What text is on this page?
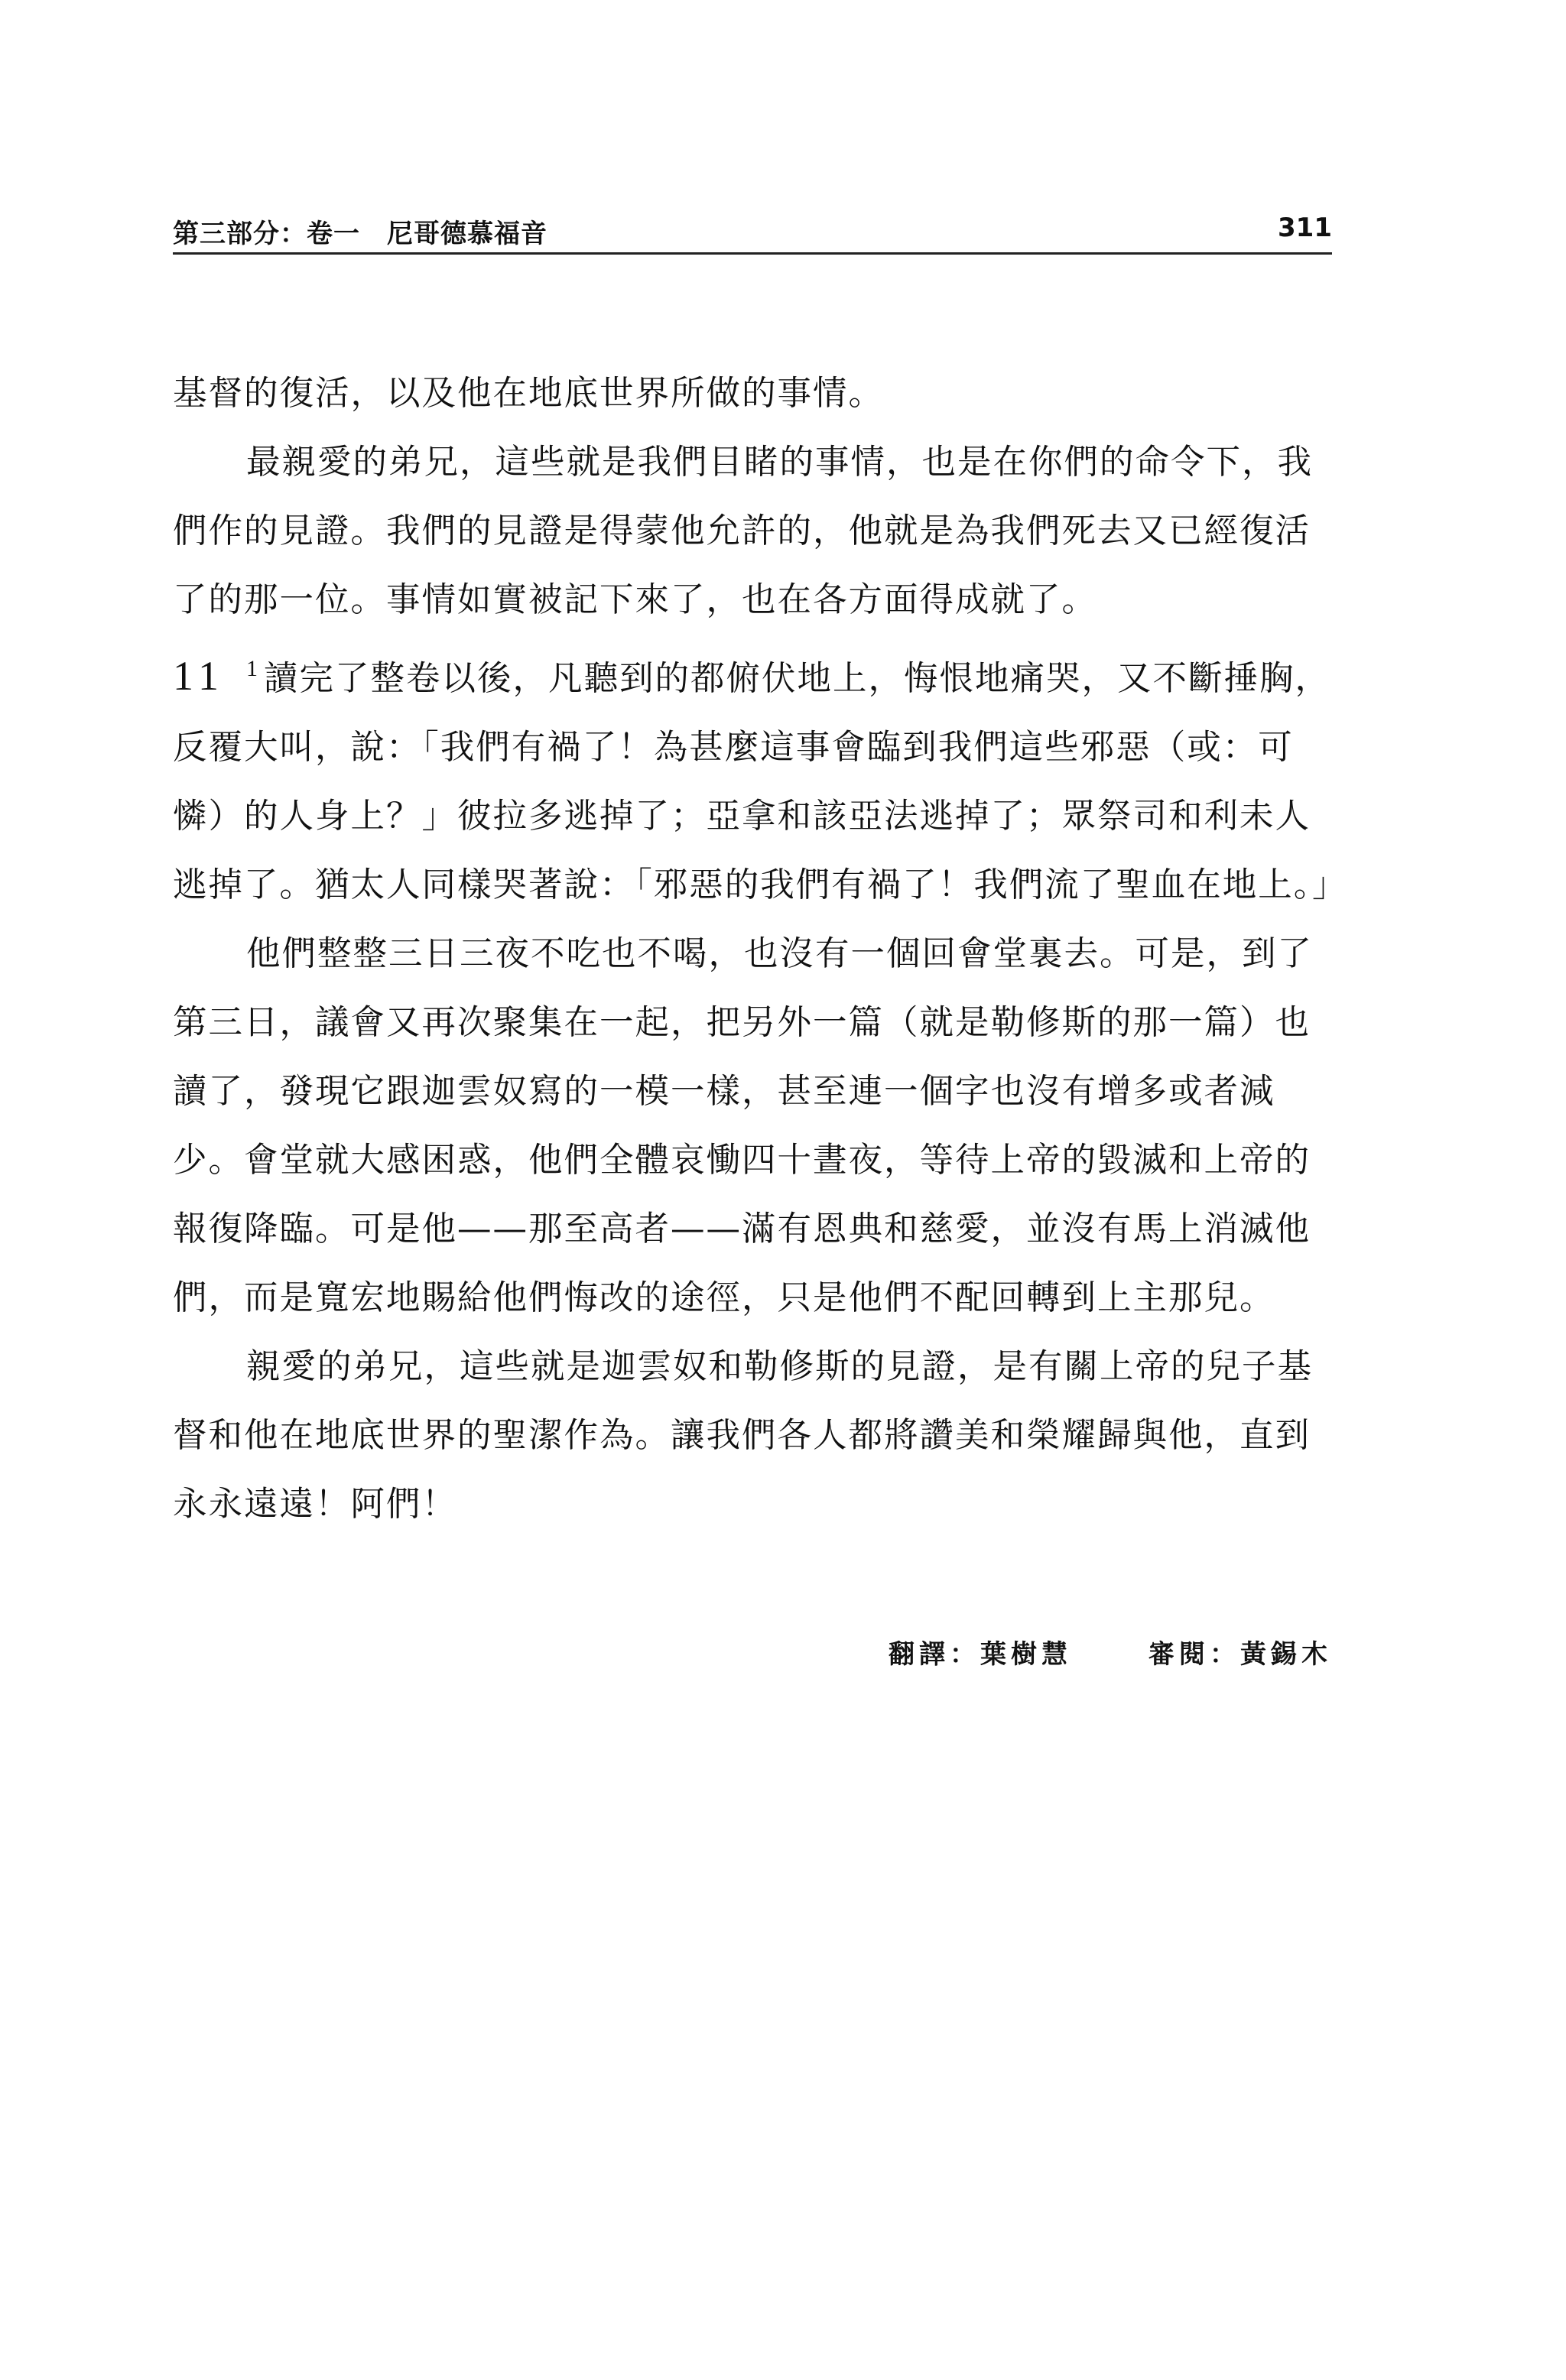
第三部分：卷一　尼哥德慕福音	311

基督的復活，以及他在地底世界所做的事情。

最親愛的弟兄，這些就是我們目睹的事情，也是在你們的命令下，我們作的見證。我們的見證是得蒙他允許的，他就是為我們死去又已經復活了的那一位。事情如實被記下來了，也在各方面得成就了。

11 $^1$ 讀完了整卷以後，凡聽到的都俯伏地上，悔恨地痛哭，又不斷捶胸，反覆大叫，說：「我們有禍了！為甚麼這事會臨到我們這些邪惡（或：可憐）的人身上？」彼拉多逃掉了；亞拿和該亞法逃掉了；眾祭司和利未人逃掉了。猶太人同樣哭著說：「邪惡的我們有禍了！我們流了聖血在地上。」

他們整整三日三夜不吃也不喝，也沒有一個回會堂裏去。可是，到了第三日，議會又再次聚集在一起，把另外一篇（就是勒修斯的那一篇）也讀了，發現它跟迦雲奴寫的一模一樣，甚至連一個字也沒有增多或者減少。會堂就大感困惑，他們全體哀慟四十晝夜，等待上帝的毀滅和上帝的報復降臨。可是他——那至高者——滿有恩典和慈愛，並沒有馬上消滅他們，而是寬宏地賜給他們悔改的途徑，只是他們不配回轉到上主那兒。

親愛的弟兄，這些就是迦雲奴和勒修斯的見證，是有關上帝的兒子基督和他在地底世界的聖潔作為。讓我們各人都將讚美和榮耀歸與他，直到永永遠遠！阿們！

翻譯：葉樹慧	審閱：黃錫木
